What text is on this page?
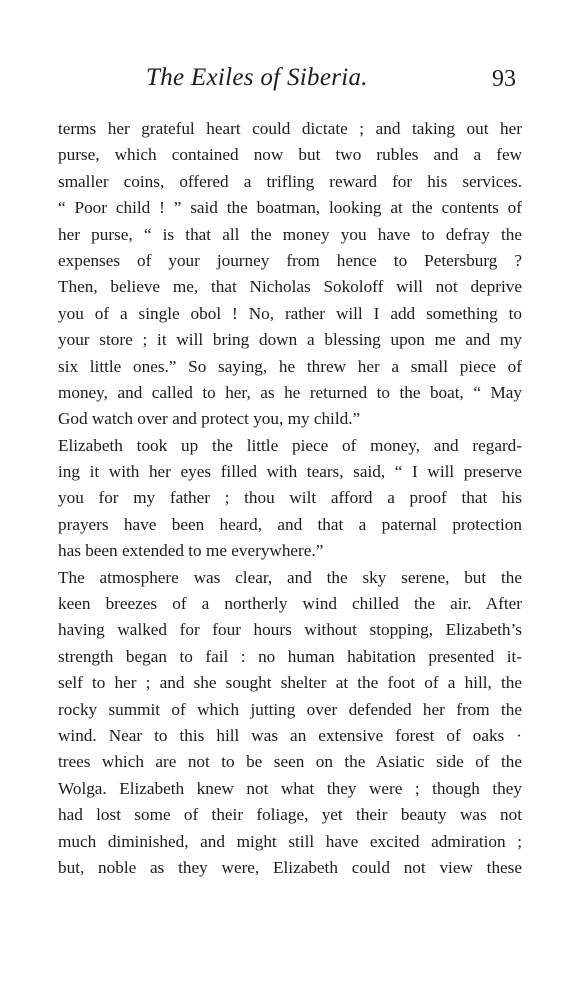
The Exiles of Siberia.	93
terms her grateful heart could dictate ; and taking out her
purse, which contained now but two rubles and a few
smaller coins, offered a trifling reward for his services.
“ Poor child ! ” said the boatman, looking at the contents of
her purse, “ is that all the money you have to defray the
expenses of your journey from hence to Petersburg ?
Then, believe me, that Nicholas Sokoloff will not deprive
you of a single obol ! No, rather will I add something to
your store ; it will bring down a blessing upon me and my
six little ones.” So saying, he threw her a small piece of
money, and called to her, as he returned to the boat, “ May
God watch over and protect you, my child.”
Elizabeth took up the little piece of money, and regard-
ing it with her eyes filled with tears, said, “ I will preserve
you for my father ; thou wilt afford a proof that his
prayers have been heard, and that a paternal protection
has been extended to me everywhere.”
The atmosphere was clear, and the sky serene, but the
keen breezes of a northerly wind chilled the air. After
having walked for four hours without stopping, Elizabeth’s
strength began to fail : no human habitation presented it-
self to her ; and she sought shelter at the foot of a hill, the
rocky summit of which jutting over defended her from the
wind. Near to this hill was an extensive forest of oaks ·
trees which are not to be seen on the Asiatic side of the
Wolga. Elizabeth knew not what they were ; though they
had lost some of their foliage, yet their beauty was not
much diminished, and might still have excited admiration ;
but, noble as they were, Elizabeth could not view these
